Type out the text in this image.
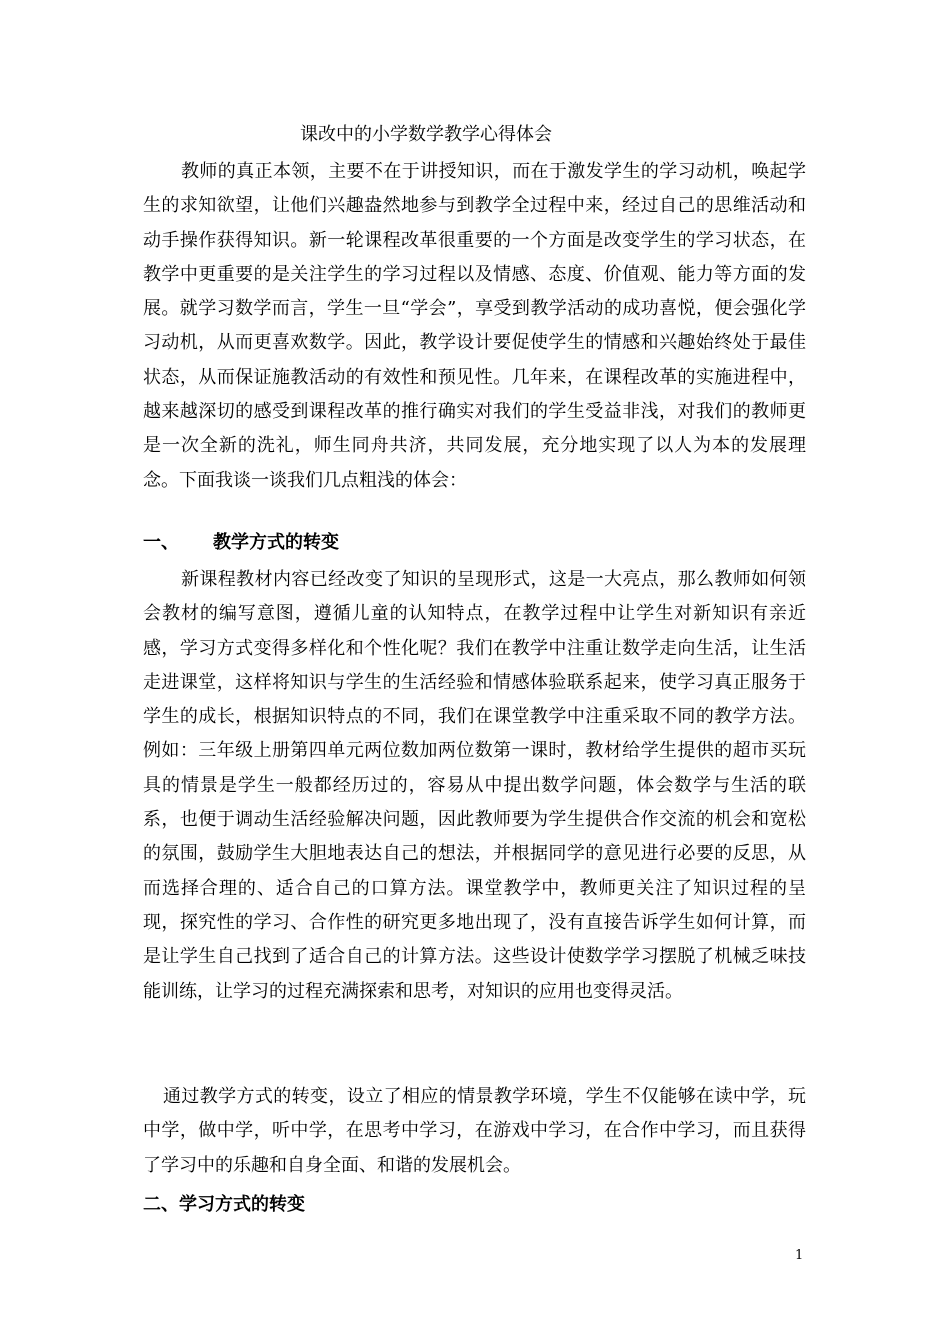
课改中的小学数学教学心得体会

教师的真正本领，主要不在于讲授知识，而在于激发学生的学习动机，唤起学生的求知欲望，让他们兴趣盎然地参与到教学全过程中来，经过自己的思维活动和动手操作获得知识。新一轮课程改革很重要的一个方面是改变学生的学习状态，在教学中更重要的是关注学生的学习过程以及情感、态度、价值观、能力等方面的发展。就学习数学而言，学生一旦“学会”，享受到教学活动的成功喜悦，便会强化学习动机，从而更喜欢数学。因此，教学设计要促使学生的情感和兴趣始终处于最佳状态，从而保证施教活动的有效性和预见性。几年来，在课程改革的实施进程中，越来越深切的感受到课程改革的推行确实对我们的学生受益非浅，对我们的教师更是一次全新的洗礼，师生同舟共济，共同发展，充分地实现了以人为本的发展理念。下面我谈一谈我们几点粗浅的体会：

一、 教学方式的转变

新课程教材内容已经改变了知识的呈现形式，这是一大亮点，那么教师如何领会教材的编写意图，遵循儿童的认知特点，在教学过程中让学生对新知识有亲近感，学习方式变得多样化和个性化呢？我们在教学中注重让数学走向生活，让生活走进课堂，这样将知识与学生的生活经验和情感体验联系起来，使学习真正服务于学生的成长，根据知识特点的不同，我们在课堂教学中注重采取不同的教学方法。例如：三年级上册第四单元两位数加两位数第一课时，教材给学生提供的超市买玩具的情景是学生一般都经历过的，容易从中提出数学问题，体会数学与生活的联系，也便于调动生活经验解决问题，因此教师要为学生提供合作交流的机会和宽松的氛围，鼓励学生大胆地表达自己的想法，并根据同学的意见进行必要的反思，从而选择合理的、适合自己的口算方法。课堂教学中，教师更关注了知识过程的呈现，探究性的学习、合作性的研究更多地出现了，没有直接告诉学生如何计算，而是让学生自己找到了适合自己的计算方法。这些设计使数学学习摆脱了机械乏味技能训练，让学习的过程充满探索和思考，对知识的应用也变得灵活。

通过教学方式的转变，设立了相应的情景教学环境，学生不仅能够在读中学，玩中学，做中学，听中学，在思考中学习，在游戏中学习，在合作中学习，而且获得了学习中的乐趣和自身全面、和谐的发展机会。

二、学习方式的转变
1
